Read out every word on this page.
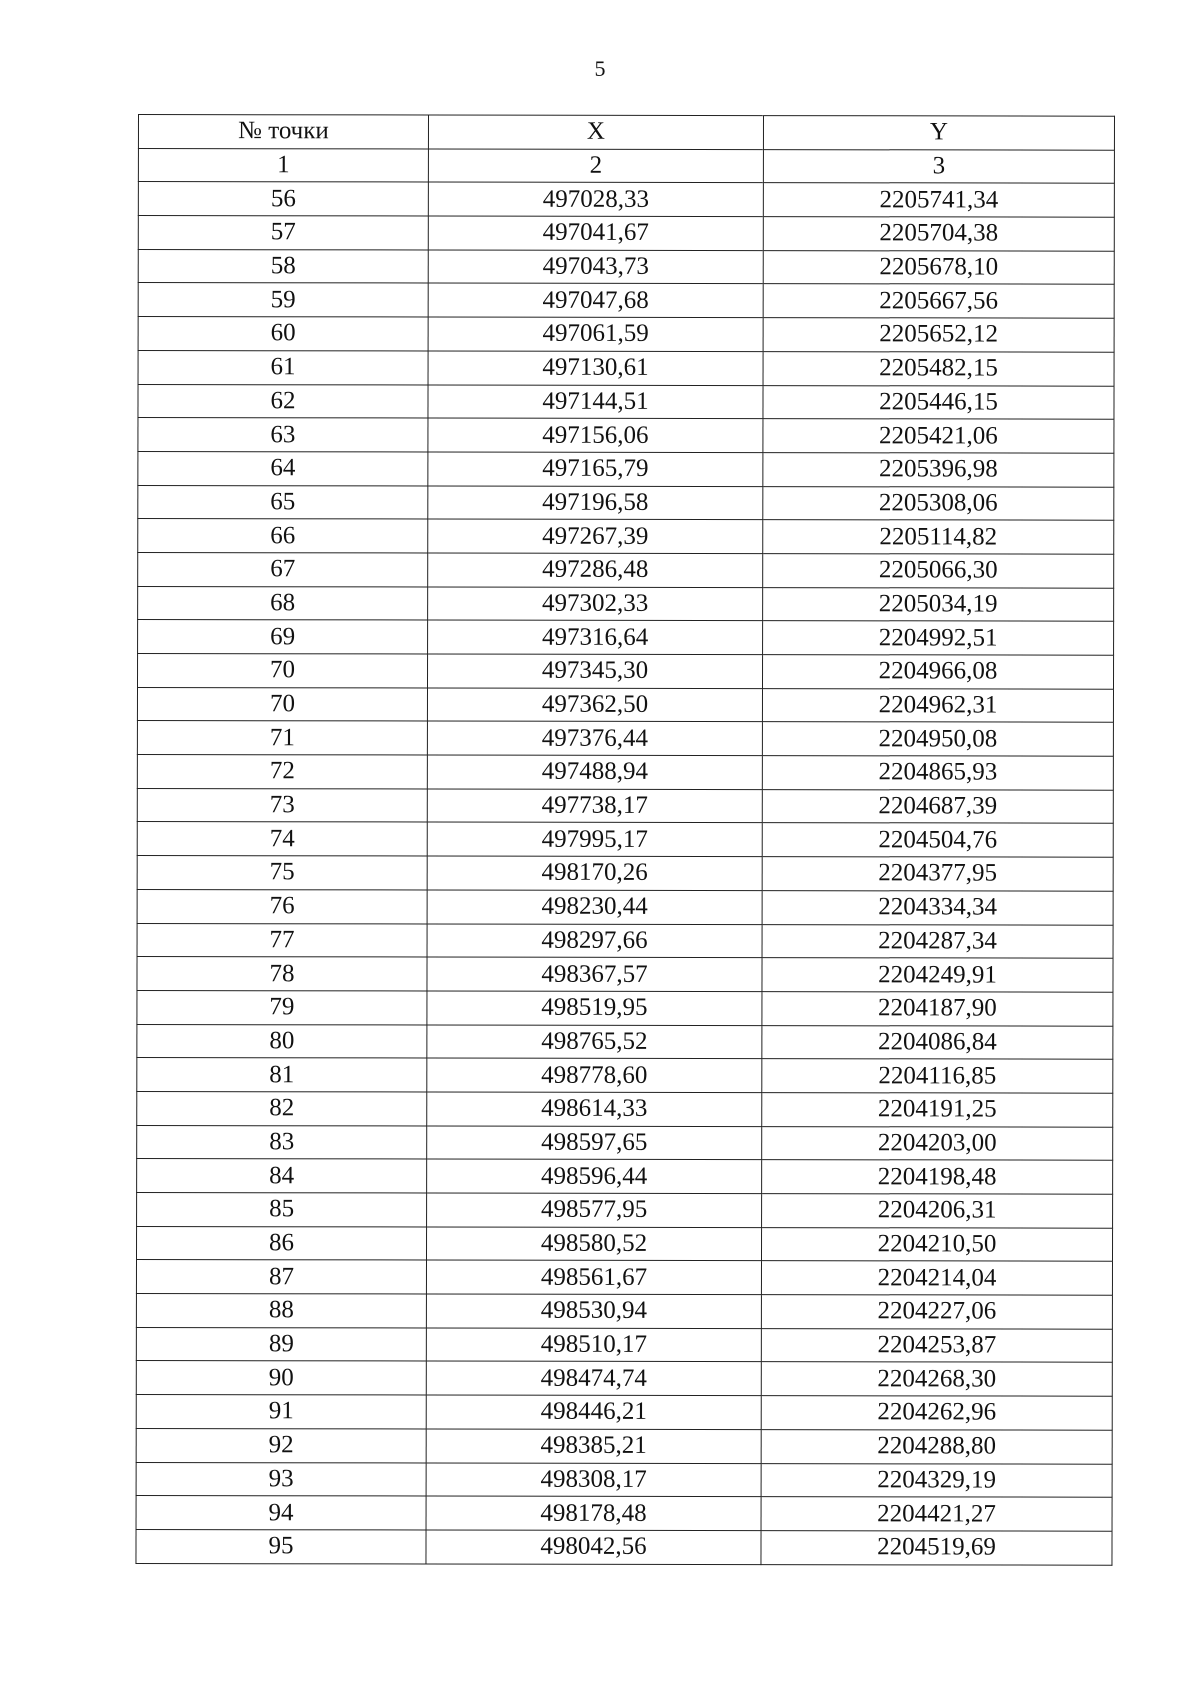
5
№ точки	X	Y
1	2	3
56	497028,33	2205741,34
57	497041,67	2205704,38
58	497043,73	2205678,10
59	497047,68	2205667,56
60	497061,59	2205652,12
61	497130,61	2205482,15
62	497144,51	2205446,15
63	497156,06	2205421,06
64	497165,79	2205396,98
65	497196,58	2205308,06
66	497267,39	2205114,82
67	497286,48	2205066,30
68	497302,33	2205034,19
69	497316,64	2204992,51
70	497345,30	2204966,08
70	497362,50	2204962,31
71	497376,44	2204950,08
72	497488,94	2204865,93
73	497738,17	2204687,39
74	497995,17	2204504,76
75	498170,26	2204377,95
76	498230,44	2204334,34
77	498297,66	2204287,34
78	498367,57	2204249,91
79	498519,95	2204187,90
80	498765,52	2204086,84
81	498778,60	2204116,85
82	498614,33	2204191,25
83	498597,65	2204203,00
84	498596,44	2204198,48
85	498577,95	2204206,31
86	498580,52	2204210,50
87	498561,67	2204214,04
88	498530,94	2204227,06
89	498510,17	2204253,87
90	498474,74	2204268,30
91	498446,21	2204262,96
92	498385,21	2204288,80
93	498308,17	2204329,19
94	498178,48	2204421,27
95	498042,56	2204519,69
